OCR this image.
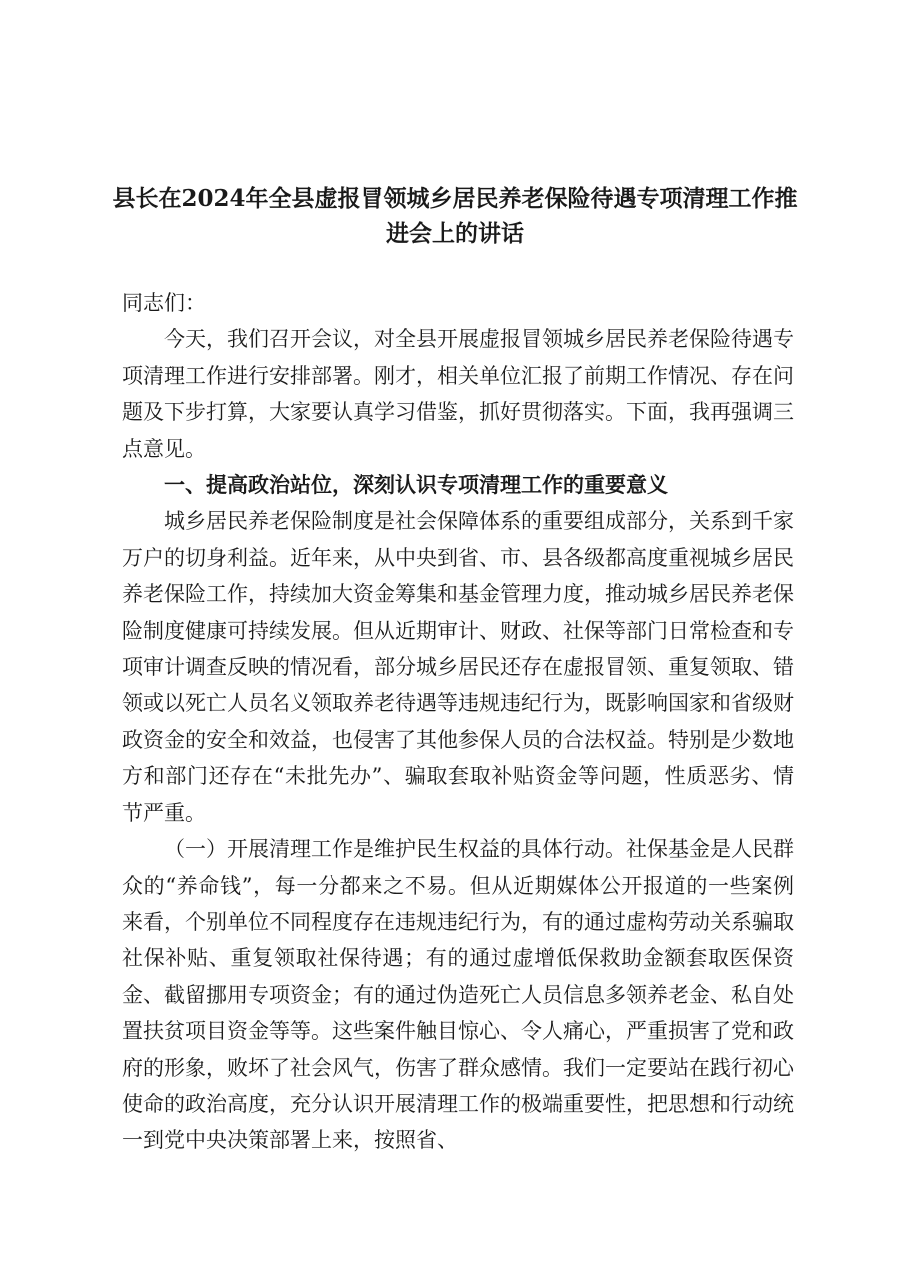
县长在2024年全县虚报冒领城乡居民养老保险待遇专项清理工作推进会上的讲话

同志们：

今天，我们召开会议，对全县开展虚报冒领城乡居民养老保险待遇专项清理工作进行安排部署。刚才，相关单位汇报了前期工作情况、存在问题及下步打算，大家要认真学习借鉴，抓好贯彻落实。下面，我再强调三点意见。

一、提高政治站位，深刻认识专项清理工作的重要意义

城乡居民养老保险制度是社会保障体系的重要组成部分，关系到千家万户的切身利益。近年来，从中央到省、市、县各级都高度重视城乡居民养老保险工作，持续加大资金筹集和基金管理力度，推动城乡居民养老保险制度健康可持续发展。但从近期审计、财政、社保等部门日常检查和专项审计调查反映的情况看，部分城乡居民还存在虚报冒领、重复领取、错领或以死亡人员名义领取养老待遇等违规违纪行为，既影响国家和省级财政资金的安全和效益，也侵害了其他参保人员的合法权益。特别是少数地方和部门还存在“未批先办”、骗取套取补贴资金等问题，性质恶劣、情节严重。

（一）开展清理工作是维护民生权益的具体行动。社保基金是人民群众的“养命钱”，每一分都来之不易。但从近期媒体公开报道的一些案例来看，个别单位不同程度存在违规违纪行为，有的通过虚构劳动关系骗取社保补贴、重复领取社保待遇；有的通过虚增低保救助金额套取医保资金、截留挪用专项资金；有的通过伪造死亡人员信息多领养老金、私自处置扶贫项目资金等等。这些案件触目惊心、令人痛心，严重损害了党和政府的形象，败坏了社会风气，伤害了群众感情。我们一定要站在践行初心使命的政治高度，充分认识开展清理工作的极端重要性，把思想和行动统一到党中央决策部署上来，按照省、
